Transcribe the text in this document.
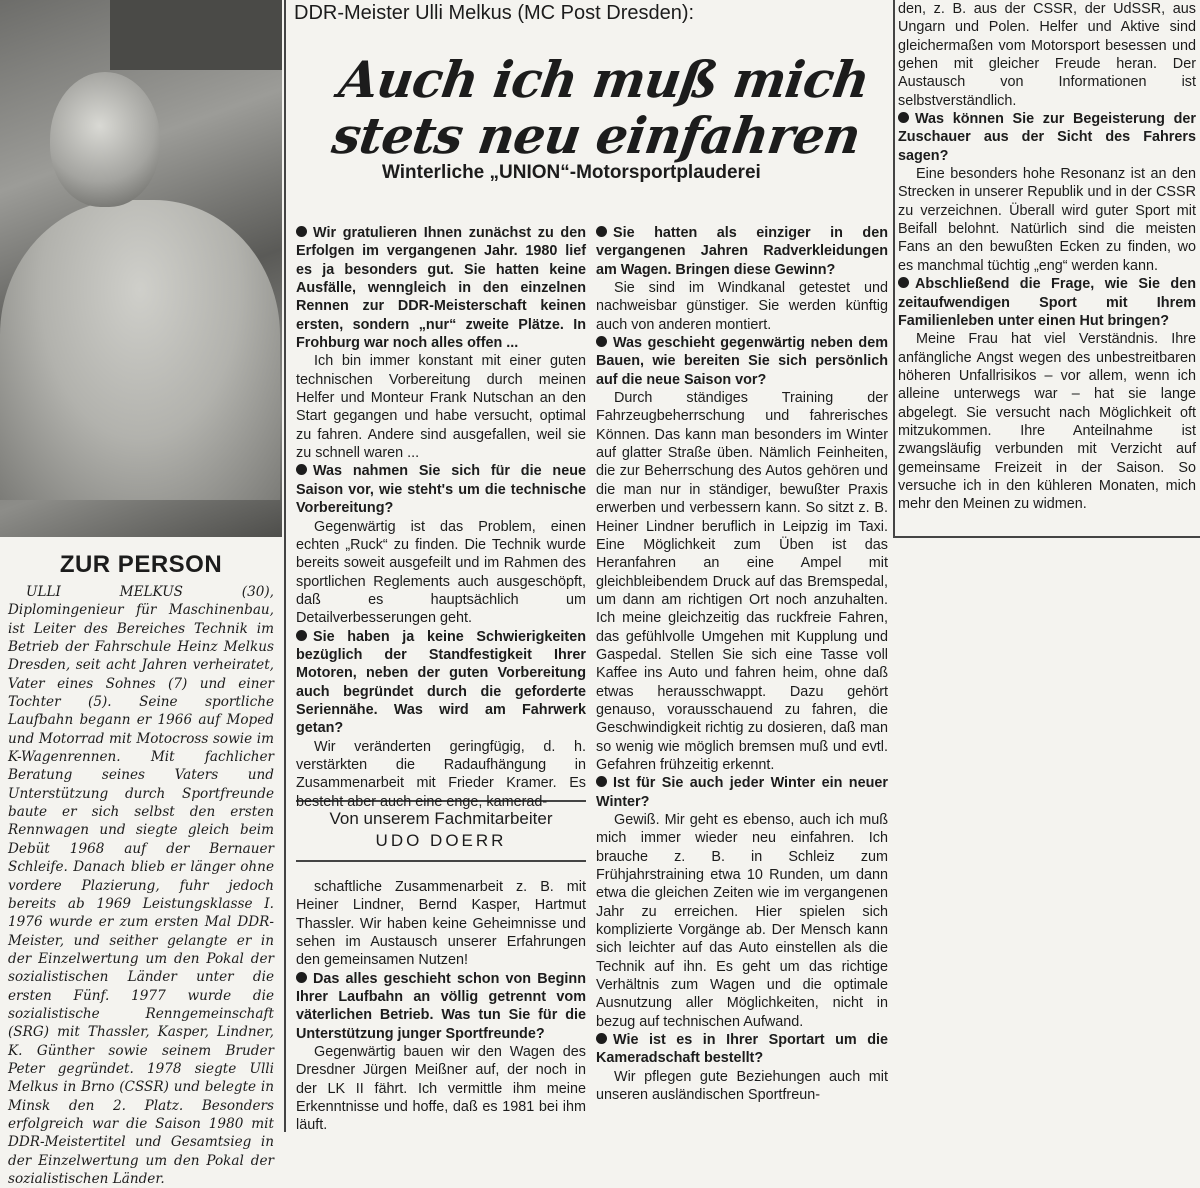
ZUR PERSON
ULLI MELKUS (30), Diplomingenieur für Maschinenbau, ist Leiter des Bereiches Technik im Betrieb der Fahrschule Heinz Melkus Dresden, seit acht Jahren verheiratet, Vater eines Sohnes (7) und einer Tochter (5). Seine sportliche Laufbahn begann er 1966 auf Moped und Motorrad mit Motocross sowie im K-Wagenrennen. Mit fachlicher Beratung seines Vaters und Unterstützung durch Sportfreunde baute er sich selbst den ersten Rennwagen und siegte gleich beim Debüt 1968 auf der Bernauer Schleife. Danach blieb er länger ohne vordere Plazierung, fuhr jedoch bereits ab 1969 Leistungsklasse I. 1976 wurde er zum ersten Mal DDR-Meister, und seither gelangte er in der Einzelwertung um den Pokal der sozialistischen Länder unter die ersten Fünf. 1977 wurde die sozialistische Renngemeinschaft (SRG) mit Thassler, Kasper, Lindner, K. Günther sowie seinem Bruder Peter gegründet. 1978 siegte Ulli Melkus in Brno (CSSR) und belegte in Minsk den 2. Platz. Besonders erfolgreich war die Saison 1980 mit DDR-Meistertitel und Gesamtsieg in der Einzelwertung um den Pokal der sozialistischen Länder.
DDR-Meister Ulli Melkus (MC Post Dresden):
Auch ich muß mich
stets neu einfahren
Winterliche „UNION“-Motorsportplauderei

Wir gratulieren Ihnen zunächst zu den Erfolgen im vergangenen Jahr. 1980 lief es ja besonders gut. Sie hatten keine Ausfälle, wenngleich in den einzelnen Rennen zur DDR-Meisterschaft keinen ersten, sondern „nur“ zweite Plätze. In Frohburg war noch alles offen ...

Ich bin immer konstant mit einer guten technischen Vorbereitung durch meinen Helfer und Monteur Frank Nutschan an den Start gegangen und habe versucht, optimal zu fahren. Andere sind ausgefallen, weil sie zu schnell waren ...

Was nahmen Sie sich für die neue Saison vor, wie steht's um die technische Vorbereitung?

Gegenwärtig ist das Problem, einen echten „Ruck“ zu finden. Die Technik wurde bereits soweit ausgefeilt und im Rahmen des sportlichen Reglements auch ausgeschöpft, daß es hauptsächlich um Detailverbesserungen geht.

Sie haben ja keine Schwierigkeiten bezüglich der Standfestigkeit Ihrer Motoren, neben der guten Vorbereitung auch begründet durch die geforderte Seriennähe. Was wird am Fahrwerk getan?

Wir veränderten geringfügig, d. h. verstärkten die Radaufhängung in Zusammenarbeit mit Frieder Kramer. Es besteht aber auch eine enge, kamerad-

Von unserem Fachmitarbeiter
UDO DOERR

schaftliche Zusammenarbeit z. B. mit Heiner Lindner, Bernd Kasper, Hartmut Thassler. Wir haben keine Geheimnisse und sehen im Austausch unserer Erfahrungen den gemeinsamen Nutzen!

Das alles geschieht schon von Beginn Ihrer Laufbahn an völlig getrennt vom väterlichen Betrieb. Was tun Sie für die Unterstützung junger Sportfreunde?

Gegenwärtig bauen wir den Wagen des Dresdner Jürgen Meißner auf, der noch in der LK II fährt. Ich vermittle ihm meine Erkenntnisse und hoffe, daß es 1981 bei ihm läuft.

Sie hatten als einziger in den vergangenen Jahren Radverkleidungen am Wagen. Bringen diese Gewinn?

Sie sind im Windkanal getestet und nachweisbar günstiger. Sie werden künftig auch von anderen montiert.

Was geschieht gegenwärtig neben dem Bauen, wie bereiten Sie sich persönlich auf die neue Saison vor?

Durch ständiges Training der Fahrzeugbeherrschung und fahrerisches Können. Das kann man besonders im Winter auf glatter Straße üben. Nämlich Feinheiten, die zur Beherrschung des Autos gehören und die man nur in ständiger, bewußter Praxis erwerben und verbessern kann. So sitzt z. B. Heiner Lindner beruflich in Leipzig im Taxi. Eine Möglichkeit zum Üben ist das Heranfahren an eine Ampel mit gleichbleibendem Druck auf das Bremspedal, um dann am richtigen Ort noch anzuhalten. Ich meine gleichzeitig das ruckfreie Fahren, das gefühlvolle Umgehen mit Kupplung und Gaspedal. Stellen Sie sich eine Tasse voll Kaffee ins Auto und fahren heim, ohne daß etwas herausschwappt. Dazu gehört genauso, vorausschauend zu fahren, die Geschwindigkeit richtig zu dosieren, daß man so wenig wie möglich bremsen muß und evtl. Gefahren frühzeitig erkennt.

Ist für Sie auch jeder Winter ein neuer Winter?

Gewiß. Mir geht es ebenso, auch ich muß mich immer wieder neu einfahren. Ich brauche z. B. in Schleiz zum Frühjahrstraining etwa 10 Runden, um dann etwa die gleichen Zeiten wie im vergangenen Jahr zu erreichen. Hier spielen sich komplizierte Vorgänge ab. Der Mensch kann sich leichter auf das Auto einstellen als die Technik auf ihn. Es geht um das richtige Verhältnis zum Wagen und die optimale Ausnutzung aller Möglichkeiten, nicht in bezug auf technischen Aufwand.

Wie ist es in Ihrer Sportart um die Kameradschaft bestellt?

Wir pflegen gute Beziehungen auch mit unseren ausländischen Sportfreun-

den, z. B. aus der CSSR, der UdSSR, aus Ungarn und Polen. Helfer und Aktive sind gleichermaßen vom Motorsport besessen und gehen mit gleicher Freude heran. Der Austausch von Informationen ist selbstverständlich.

Was können Sie zur Begeisterung der Zuschauer aus der Sicht des Fahrers sagen?

Eine besonders hohe Resonanz ist an den Strecken in unserer Republik und in der CSSR zu verzeichnen. Überall wird guter Sport mit Beifall belohnt. Natürlich sind die meisten Fans an den bewußten Ecken zu finden, wo es manchmal tüchtig „eng“ werden kann.

Abschließend die Frage, wie Sie den zeitaufwendigen Sport mit Ihrem Familienleben unter einen Hut bringen?

Meine Frau hat viel Verständnis. Ihre anfängliche Angst wegen des unbestreitbaren höheren Unfallrisikos – vor allem, wenn ich alleine unterwegs war – hat sie lange abgelegt. Sie versucht nach Möglichkeit oft mitzukommen. Ihre Anteilnahme ist zwangsläufig verbunden mit Verzicht auf gemeinsame Freizeit in der Saison. So versuche ich in den kühleren Monaten, mich mehr den Meinen zu widmen.
